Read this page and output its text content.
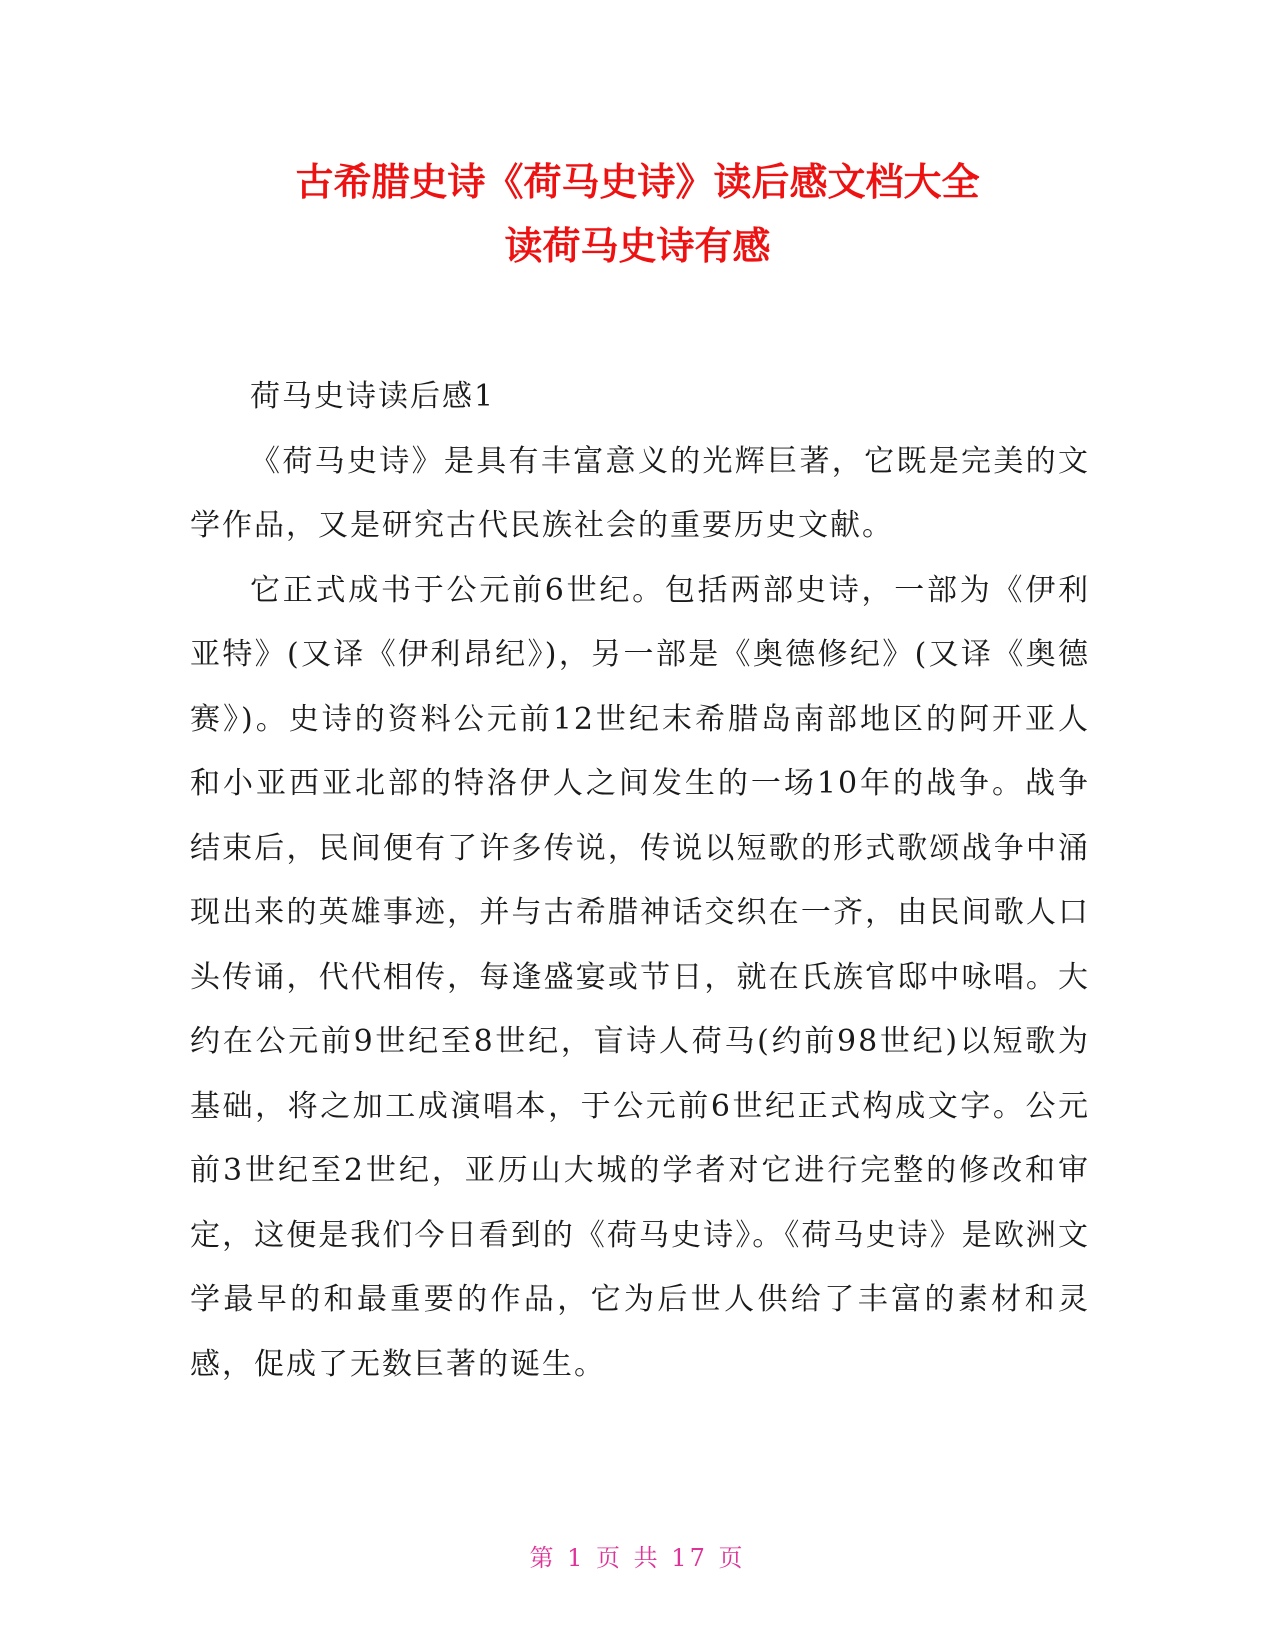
古希腊史诗《荷马史诗》读后感文档大全
读荷马史诗有感

荷马史诗读后感1

《荷马史诗》是具有丰富意义的光辉巨著，它既是完美的文学作品，又是研究古代民族社会的重要历史文献。

它正式成书于公元前6世纪。包括两部史诗，一部为《伊利亚特》(又译《伊利昂纪》)，另一部是《奥德修纪》(又译《奥德赛》)。史诗的资料公元前12世纪末希腊岛南部地区的阿开亚人和小亚西亚北部的特洛伊人之间发生的一场10年的战争。战争结束后，民间便有了许多传说，传说以短歌的形式歌颂战争中涌现出来的英雄事迹，并与古希腊神话交织在一齐，由民间歌人口头传诵，代代相传，每逢盛宴或节日，就在氏族官邸中咏唱。大约在公元前9世纪至8世纪，盲诗人荷马(约前98世纪)以短歌为基础，将之加工成演唱本，于公元前6世纪正式构成文字。公元前3世纪至2世纪，亚历山大城的学者对它进行完整的修改和审定，这便是我们今日看到的《荷马史诗》。《荷马史诗》是欧洲文学最早的和最重要的作品，它为后世人供给了丰富的素材和灵感，促成了无数巨著的诞生。

第 1 页 共 17 页
